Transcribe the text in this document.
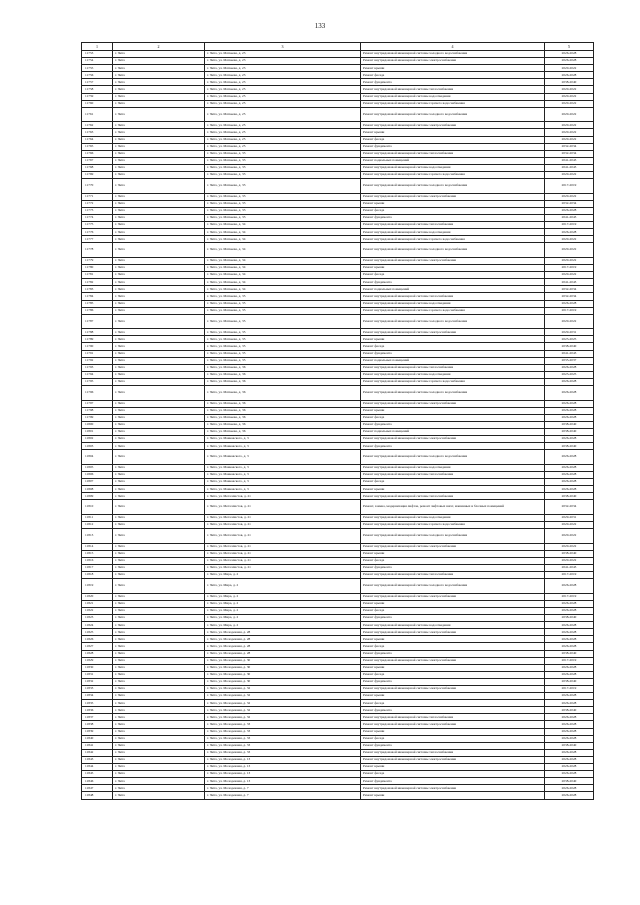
133
1	2	3	4	5
11753	г. Чита	г. Чита, ул. Матвеева, д. 23	Ремонт внутридомовой инженерной системы холодного водоснабжения	2026-2028
11754	г. Чита	г. Чита, ул. Матвеева, д. 23	Ремонт внутридомовой инженерной системы электроснабжения	2026-2028
11755	г. Чита	г. Чита, ул. Матвеева, д. 23	Ремонт крыши	2020-2022
11756	г. Чита	г. Чита, ул. Матвеева, д. 23	Ремонт фасада	2026-2028
11757	г. Чита	г. Чита, ул. Матвеева, д. 23	Ремонт фундамента	2038-2040
11758	г. Чита	г. Чита, ул. Матвеева, д. 25	Ремонт внутридомовой инженерной системы теплоснабжения	2020-2022
11759	г. Чита	г. Чита, ул. Матвеева, д. 25	Ремонт внутридомовой инженерной системы водоотведения	2020-2022
11760	г. Чита	г. Чита, ул. Матвеева, д. 25	Ремонт внутридомовой инженерной системы горячего водоснабжения	2020-2022
11761	г. Чита	г. Чита, ул. Матвеева, д. 25	Ремонт внутридомовой инженерной системы холодного водоснабжения	2020-2022
11762	г. Чита	г. Чита, ул. Матвеева, д. 25	Ремонт внутридомовой инженерной системы электроснабжения	2020-2022
11763	г. Чита	г. Чита, ул. Матвеева, д. 25	Ремонт крыши	2020-2022
11764	г. Чита	г. Чита, ул. Матвеева, д. 25	Ремонт фасада	2020-2022
11765	г. Чита	г. Чита, ул. Матвеева, д. 25	Ремонт фундамента	2032-2034
11766	г. Чита	г. Чита, ул. Матвеева, д. 33	Ремонт внутридомовой инженерной системы теплоснабжения	2032-2034
11767	г. Чита	г. Чита, ул. Матвеева, д. 33	Ремонт подвальных помещений	2041-2043
11768	г. Чита	г. Чита, ул. Матвеева, д. 33	Ремонт внутридомовой инженерной системы водоотведения	2041-2043
11769	г. Чита	г. Чита, ул. Матвеева, д. 33	Ремонт внутридомовой инженерной системы горячего водоснабжения	2020-2022
11770	г. Чита	г. Чита, ул. Матвеева, д. 33	Ремонт внутридомовой инженерной системы холодного водоснабжения	2017-2019
11771	г. Чита	г. Чита, ул. Матвеева, д. 33	Ремонт внутридомовой инженерной системы электроснабжения	2020-2022
11772	г. Чита	г. Чита, ул. Матвеева, д. 33	Ремонт крыши	2032-2034
11773	г. Чита	г. Чита, ул. Матвеева, д. 33	Ремонт фасада	2026-2028
11774	г. Чита	г. Чита, ул. Матвеева, д. 33	Ремонт фундамента	2041-2043
11775	г. Чита	г. Чита, ул. Матвеева, д. 34	Ремонт внутридомовой инженерной системы теплоснабжения	2017-2019
11776	г. Чита	г. Чита, ул. Матвеева, д. 34	Ремонт внутридомовой инженерной системы водоотведения	2026-2028
11777	г. Чита	г. Чита, ул. Матвеева, д. 34	Ремонт внутридомовой инженерной системы горячего водоснабжения	2020-2022
11778	г. Чита	г. Чита, ул. Матвеева, д. 34	Ремонт внутридомовой инженерной системы холодного водоснабжения	2020-2022
11779	г. Чита	г. Чита, ул. Матвеева, д. 34	Ремонт внутридомовой инженерной системы электроснабжения	2020-2022
11780	г. Чита	г. Чита, ул. Матвеева, д. 34	Ремонт крыши	2017-2019
11781	г. Чита	г. Чита, ул. Матвеева, д. 34	Ремонт фасада	2020-2022
11782	г. Чита	г. Чита, ул. Матвеева, д. 34	Ремонт фундамента	2041-2043
11783	г. Чита	г. Чита, ул. Матвеева, д. 34	Ремонт подвальных помещений	2032-2034
11784	г. Чита	г. Чита, ул. Матвеева, д. 35	Ремонт внутридомовой инженерной системы теплоснабжения	2032-2034
11785	г. Чита	г. Чита, ул. Матвеева, д. 35	Ремонт внутридомовой инженерной системы водоотведения	2026-2028
11786	г. Чита	г. Чита, ул. Матвеева, д. 35	Ремонт внутридомовой инженерной системы горячего водоснабжения	2017-2019
11787	г. Чита	г. Чита, ул. Матвеева, д. 35	Ремонт внутридомовой инженерной системы холодного водоснабжения	2020-2022
11788	г. Чита	г. Чита, ул. Матвеева, д. 35	Ремонт внутридомовой инженерной системы электроснабжения	2029-2031
11789	г. Чита	г. Чита, ул. Матвеева, д. 35	Ремонт крыши	2023-2025
11790	г. Чита	г. Чита, ул. Матвеева, д. 35	Ремонт фасада	2038-2040
11791	г. Чита	г. Чита, ул. Матвеева, д. 35	Ремонт фундамента	2041-2043
11792	г. Чита	г. Чита, ул. Матвеева, д. 35	Ремонт подвальных помещений	2035-2037
11793	г. Чита	г. Чита, ул. Матвеева, д. 36	Ремонт внутридомовой инженерной системы теплоснабжения	2026-2028
11794	г. Чита	г. Чита, ул. Матвеева, д. 36	Ремонт внутридомовой инженерной системы водоотведения	2023-2025
11795	г. Чита	г. Чита, ул. Матвеева, д. 36	Ремонт внутридомовой инженерной системы горячего водоснабжения	2026-2028
11796	г. Чита	г. Чита, ул. Матвеева, д. 36	Ремонт внутридомовой инженерной системы холодного водоснабжения	2026-2028
11797	г. Чита	г. Чита, ул. Матвеева, д. 36	Ремонт внутридомовой инженерной системы электроснабжения	2026-2028
11798	г. Чита	г. Чита, ул. Матвеева, д. 36	Ремонт крыши	2026-2028
11799	г. Чита	г. Чита, ул. Матвеева, д. 36	Ремонт фасада	2026-2028
11800	г. Чита	г. Чита, ул. Матвеева, д. 36	Ремонт фундамента	2038-2040
11801	г. Чита	г. Чита, ул. Матвеева, д. 36	Ремонт подвальных помещений	2038-2040
11802	г. Чита	г. Чита, ул. Маяковского, д. 3	Ремонт внутридомовой инженерной системы электроснабжения	2026-2028
11803	г. Чита	г. Чита, ул. Маяковского, д. 3	Ремонт фундамента	2038-2040
11804	г. Чита	г. Чита, ул. Маяковского, д. 3	Ремонт внутридомовой инженерной системы холодного водоснабжения	2026-2028
11805	г. Чита	г. Чита, ул. Маяковского, д. 3	Ремонт внутридомовой инженерной системы водоотведения	2026-2028
11806	г. Чита	г. Чита, ул. Маяковского, д. 3	Ремонт внутридомовой инженерной системы теплоснабжения	2026-2028
11807	г. Чита	г. Чита, ул. Маяковского, д. 3	Ремонт фасада	2026-2028
11808	г. Чита	г. Чита, ул. Маяковского, д. 3	Ремонт крыши	2026-2028
11809	г. Чита	г. Чита, ул. Металлистов, д. 21	Ремонт внутридомовой инженерной системы теплоснабжения	2038-2040
11810	г. Чита	г. Чита, ул. Металлистов, д. 21	Ремонт, замена, модернизация лифтов, ремонт лифтовых шахт, машинных и блочных помещений	2032-2034
11811	г. Чита	г. Чита, ул. Металлистов, д. 21	Ремонт внутридомовой инженерной системы водоотведения	2029-2031
11812	г. Чита	г. Чита, ул. Металлистов, д. 21	Ремонт внутридомовой инженерной системы горячего водоснабжения	2020-2022
11813	г. Чита	г. Чита, ул. Металлистов, д. 21	Ремонт внутридомовой инженерной системы холодного водоснабжения	2020-2022
11814	г. Чита	г. Чита, ул. Металлистов, д. 21	Ремонт внутридомовой инженерной системы электроснабжения	2020-2022
11815	г. Чита	г. Чита, ул. Металлистов, д. 21	Ремонт крыши	2038-2040
11816	г. Чита	г. Чита, ул. Металлистов, д. 21	Ремонт фасада	2020-2022
11817	г. Чита	г. Чита, ул. Металлистов, д. 21	Ремонт фундамента	2041-2043
11818	г. Чита	г. Чита, ул. Мира, д. 2	Ремонт внутридомовой инженерной системы теплоснабжения	2017-2019
11819	г. Чита	г. Чита, ул. Мира, д. 2	Ремонт внутридомовой инженерной системы холодного водоснабжения	2026-2028
11820	г. Чита	г. Чита, ул. Мира, д. 2	Ремонт внутридомовой инженерной системы электроснабжения	2017-2019
11821	г. Чита	г. Чита, ул. Мира, д. 2	Ремонт крыши	2026-2028
11822	г. Чита	г. Чита, ул. Мира, д. 2	Ремонт фасада	2026-2028
11823	г. Чита	г. Чита, ул. Мира, д. 2	Ремонт фундамента	2038-2040
11824	г. Чита	г. Чита, ул. Мира, д. 2	Ремонт внутридомовой инженерной системы водоотведения	2026-2028
11825	г. Чита	г. Чита, ул. Молодежная, д. 28	Ремонт внутридомовой инженерной системы электроснабжения	2026-2028
11826	г. Чита	г. Чита, ул. Молодежная, д. 28	Ремонт крыши	2026-2028
11827	г. Чита	г. Чита, ул. Молодежная, д. 28	Ремонт фасада	2026-2028
11828	г. Чита	г. Чита, ул. Молодежная, д. 28	Ремонт фундамента	2038-2040
11829	г. Чита	г. Чита, ул. Молодежная, д. 30	Ремонт внутридомовой инженерной системы электроснабжения	2017-2019
11830	г. Чита	г. Чита, ул. Молодежная, д. 30	Ремонт крыши	2026-2028
11831	г. Чита	г. Чита, ул. Молодежная, д. 30	Ремонт фасада	2026-2028
11832	г. Чита	г. Чита, ул. Молодежная, д. 30	Ремонт фундамента	2038-2040
11833	г. Чита	г. Чита, ул. Молодежная, д. 32	Ремонт внутридомовой инженерной системы электроснабжения	2017-2019
11834	г. Чита	г. Чита, ул. Молодежная, д. 32	Ремонт крыши	2026-2028
11835	г. Чита	г. Чита, ул. Молодежная, д. 32	Ремонт фасада	2026-2028
11836	г. Чита	г. Чита, ул. Молодежная, д. 32	Ремонт фундамента	2038-2040
11837	г. Чита	г. Чита, ул. Молодежная, д. 32	Ремонт внутридомовой инженерной системы теплоснабжения	2026-2028
11838	г. Чита	г. Чита, ул. Молодежная, д. 33	Ремонт внутридомовой инженерной системы электроснабжения	2026-2028
11839	г. Чита	г. Чита, ул. Молодежная, д. 33	Ремонт крыши	2026-2028
11840	г. Чита	г. Чита, ул. Молодежная, д. 33	Ремонт фасада	2026-2028
11841	г. Чита	г. Чита, ул. Молодежная, д. 33	Ремонт фундамента	2038-2040
11842	г. Чита	г. Чита, ул. Молодежная, д. 33	Ремонт внутридомовой инженерной системы теплоснабжения	2026-2028
11843	г. Чита	г. Чита, ул. Молодежная, д. 13	Ремонт внутридомовой инженерной системы электроснабжения	2026-2028
11844	г. Чита	г. Чита, ул. Молодежная, д. 13	Ремонт крыши	2026-2028
11845	г. Чита	г. Чита, ул. Молодежная, д. 13	Ремонт фасада	2026-2028
11846	г. Чита	г. Чита, ул. Молодежная, д. 13	Ремонт фундамента	2038-2040
11847	г. Чита	г. Чита, ул. Молодежная, д. 7	Ремонт внутридомовой инженерной системы электроснабжения	2026-2028
11848	г. Чита	г. Чита, ул. Молодежная, д. 7	Ремонт крыши	2026-2028
